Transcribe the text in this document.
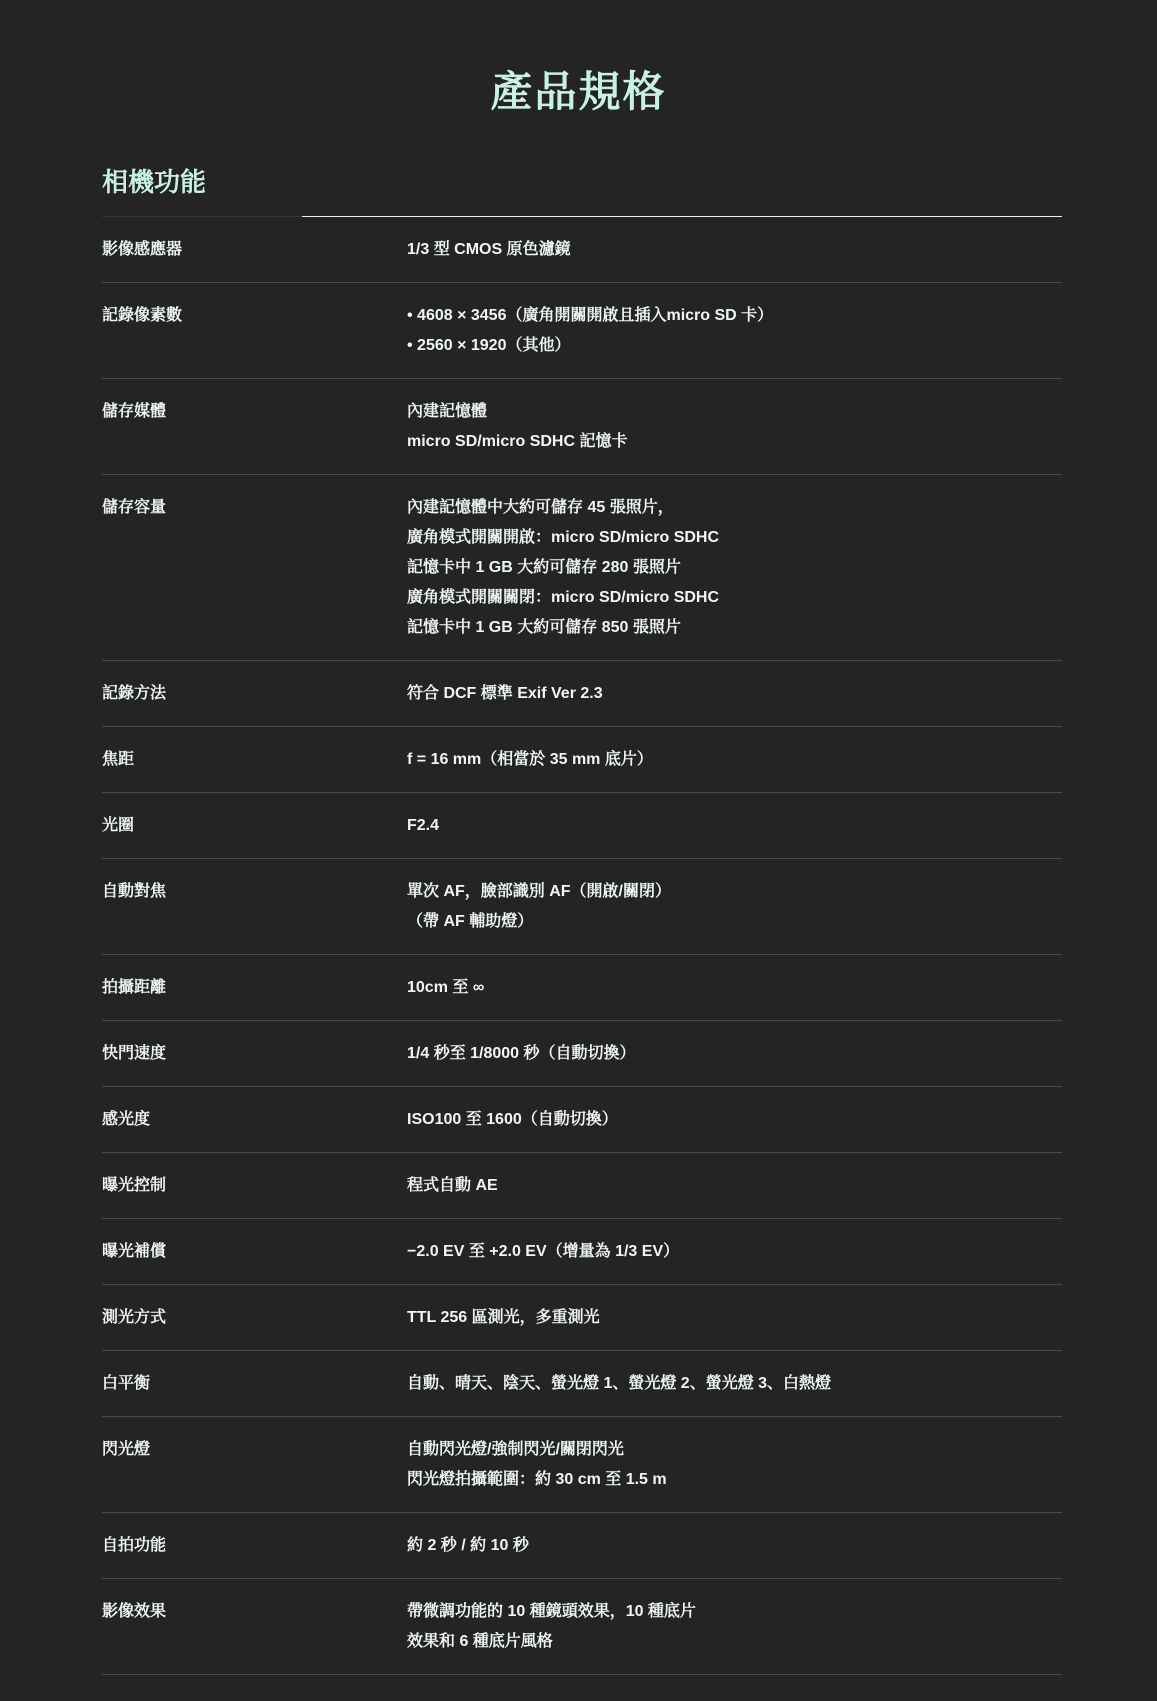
產品規格
相機功能
影像感應器	1/3 型 CMOS 原色濾鏡
記錄像素數	• 4608 × 3456（廣角開關開啟且插入micro SD 卡）
• 2560 × 1920（其他）
儲存媒體	內建記憶體
micro SD/micro SDHC 記憶卡
儲存容量	內建記憶體中大約可儲存 45 張照片，
廣角模式開關開啟：micro SD/micro SDHC
記憶卡中 1 GB 大約可儲存 280 張照片
廣角模式開關關閉：micro SD/micro SDHC
記憶卡中 1 GB 大約可儲存 850 張照片
記錄方法	符合 DCF 標準 Exif Ver 2.3
焦距	f = 16 mm（相當於 35 mm 底片）
光圈	F2.4
自動對焦	單次 AF，臉部識別 AF（開啟/關閉）
（帶 AF 輔助燈）
拍攝距離	10cm 至 ∞
快門速度	1/4 秒至 1/8000 秒（自動切換）
感光度	ISO100 至 1600（自動切換）
曝光控制	程式自動 AE
曝光補償	−2.0 EV 至 +2.0 EV（增量為 1/3 EV）
測光方式	TTL 256 區測光，多重測光
白平衡	自動、晴天、陰天、螢光燈 1、螢光燈 2、螢光燈 3、白熱燈
閃光燈	自動閃光燈/強制閃光/關閉閃光
閃光燈拍攝範圍：約 30 cm 至 1.5 m
自拍功能	約 2 秒 / 約 10 秒
影像效果	帶微調功能的 10 種鏡頭效果，10 種底片
效果和 6 種底片風格
